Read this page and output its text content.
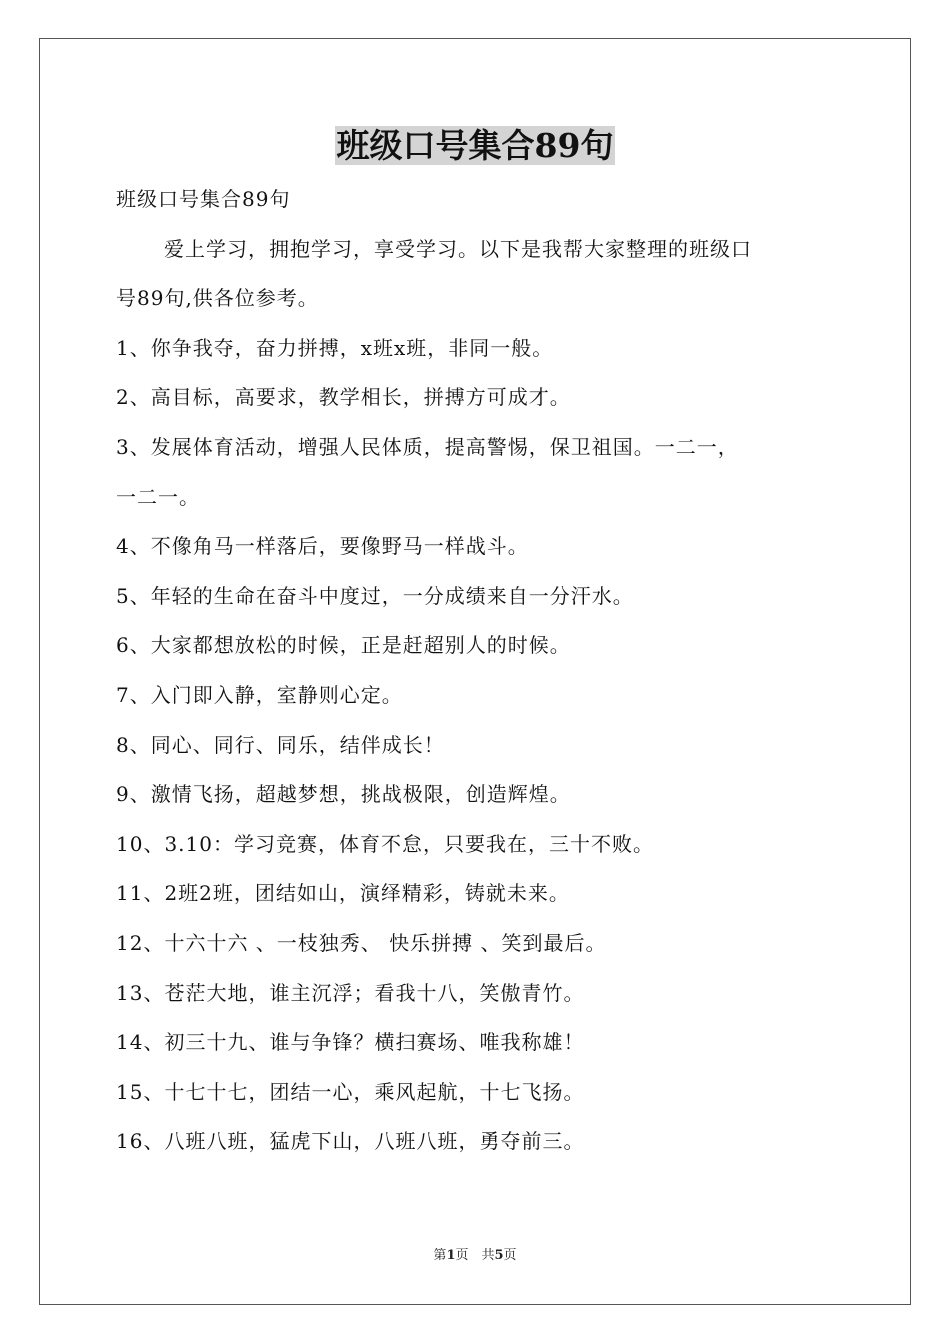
班级口号集合89句
班级口号集合89句
爱上学习，拥抱学习，享受学习。以下是我帮大家整理的班级口
号89句,供各位参考。
1、你争我夺，奋力拼搏，x班x班，非同一般。
2、高目标，高要求，教学相长，拼搏方可成才。
3、发展体育活动，增强人民体质，提高警惕，保卫祖国。一二一，
一二一。
4、不像角马一样落后，要像野马一样战斗。
5、年轻的生命在奋斗中度过，一分成绩来自一分汗水。
6、大家都想放松的时候，正是赶超别人的时候。
7、入门即入静，室静则心定。
8、同心、同行、同乐，结伴成长！
9、激情飞扬，超越梦想，挑战极限，创造辉煌。
10、3.10：学习竞赛，体育不怠，只要我在，三十不败。
11、2班2班，团结如山，演绎精彩，铸就未来。
12、十六十六 、一枝独秀、 快乐拼搏 、笑到最后。
13、苍茫大地，谁主沉浮；看我十八，笑傲青竹。
14、初三十九、谁与争锋？横扫赛场、唯我称雄！
15、十七十七，团结一心，乘风起航，十七飞扬。
16、八班八班，猛虎下山，八班八班，勇夺前三。
第1页　共5页
